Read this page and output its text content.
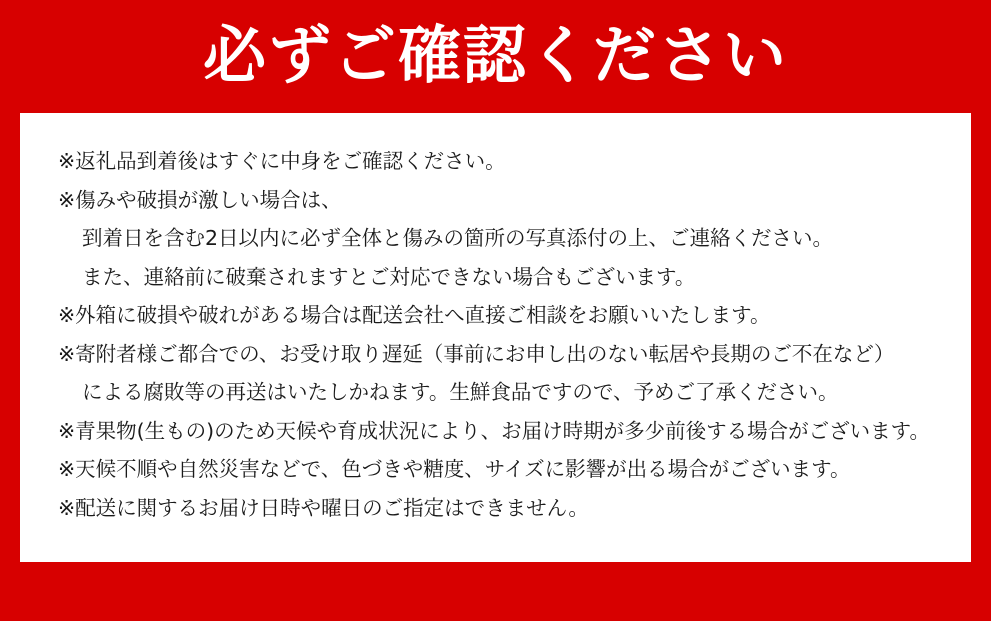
必ずご確認ください
※返礼品到着後はすぐに中身をご確認ください。
※傷みや破損が激しい場合は、
到着日を含む2日以内に必ず全体と傷みの箇所の写真添付の上、ご連絡ください。
また、連絡前に破棄されますとご対応できない場合もございます。
※外箱に破損や破れがある場合は配送会社へ直接ご相談をお願いいたします。
※寄附者様ご都合での、お受け取り遅延（事前にお申し出のない転居や長期のご不在など）
による腐敗等の再送はいたしかねます。生鮮食品ですので、予めご了承ください。
※青果物(生もの)のため天候や育成状況により、お届け時期が多少前後する場合がございます。
※天候不順や自然災害などで、色づきや糖度、サイズに影響が出る場合がございます。
※配送に関するお届け日時や曜日のご指定はできません。
